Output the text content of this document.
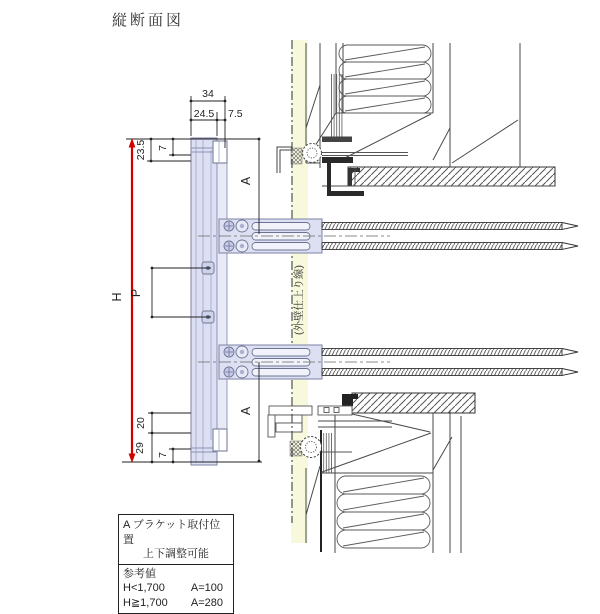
(外壁仕上り線)
34
24.5 7.5
23.5 7
H P
A
A
20
29
7
縦断面図
A ブラケット取付位置
上下調整可能
参考値
H<1,700 A=100
H≧1,700 A=280
